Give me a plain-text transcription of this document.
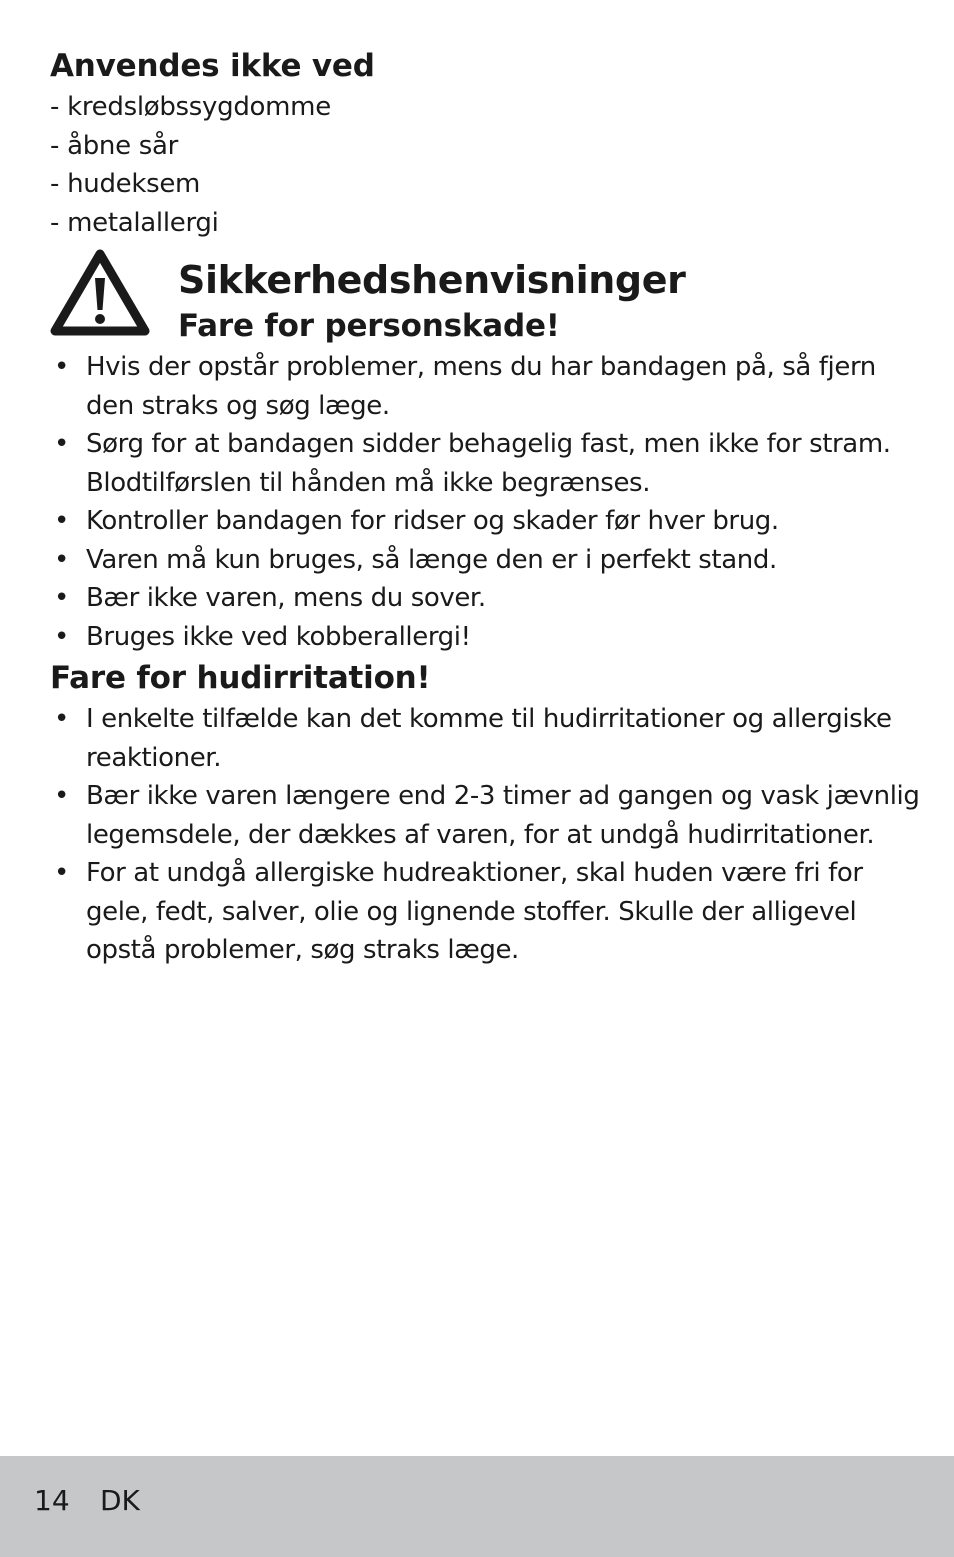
Anvendes ikke ved
- kredsløbssygdomme
- åbne sår
- hudeksem
- metalallergi
Sikkerhedshenvisninger
Fare for personskade!
• Hvis der opstår problemer, mens du har bandagen på, så fjern
den straks og søg læge.
• Sørg for at bandagen sidder behagelig fast, men ikke for stram.
Blodtilførslen til hånden må ikke begrænses.
• Kontroller bandagen for ridser og skader før hver brug.
• Varen må kun bruges, så længe den er i perfekt stand.
• Bær ikke varen, mens du sover.
• Bruges ikke ved kobberallergi!
Fare for hudirritation!
• I enkelte tilfælde kan det komme til hudirritationer og allergiske
reaktioner.
• Bær ikke varen længere end 2-3 timer ad gangen og vask jævnlig
legemsdele, der dækkes af varen, for at undgå hudirritationer.
• For at undgå allergiske hudreaktioner, skal huden være fri for
gele, fedt, salver, olie og lignende stoffer. Skulle der alligevel
opstå problemer, søg straks læge.
14 DK
